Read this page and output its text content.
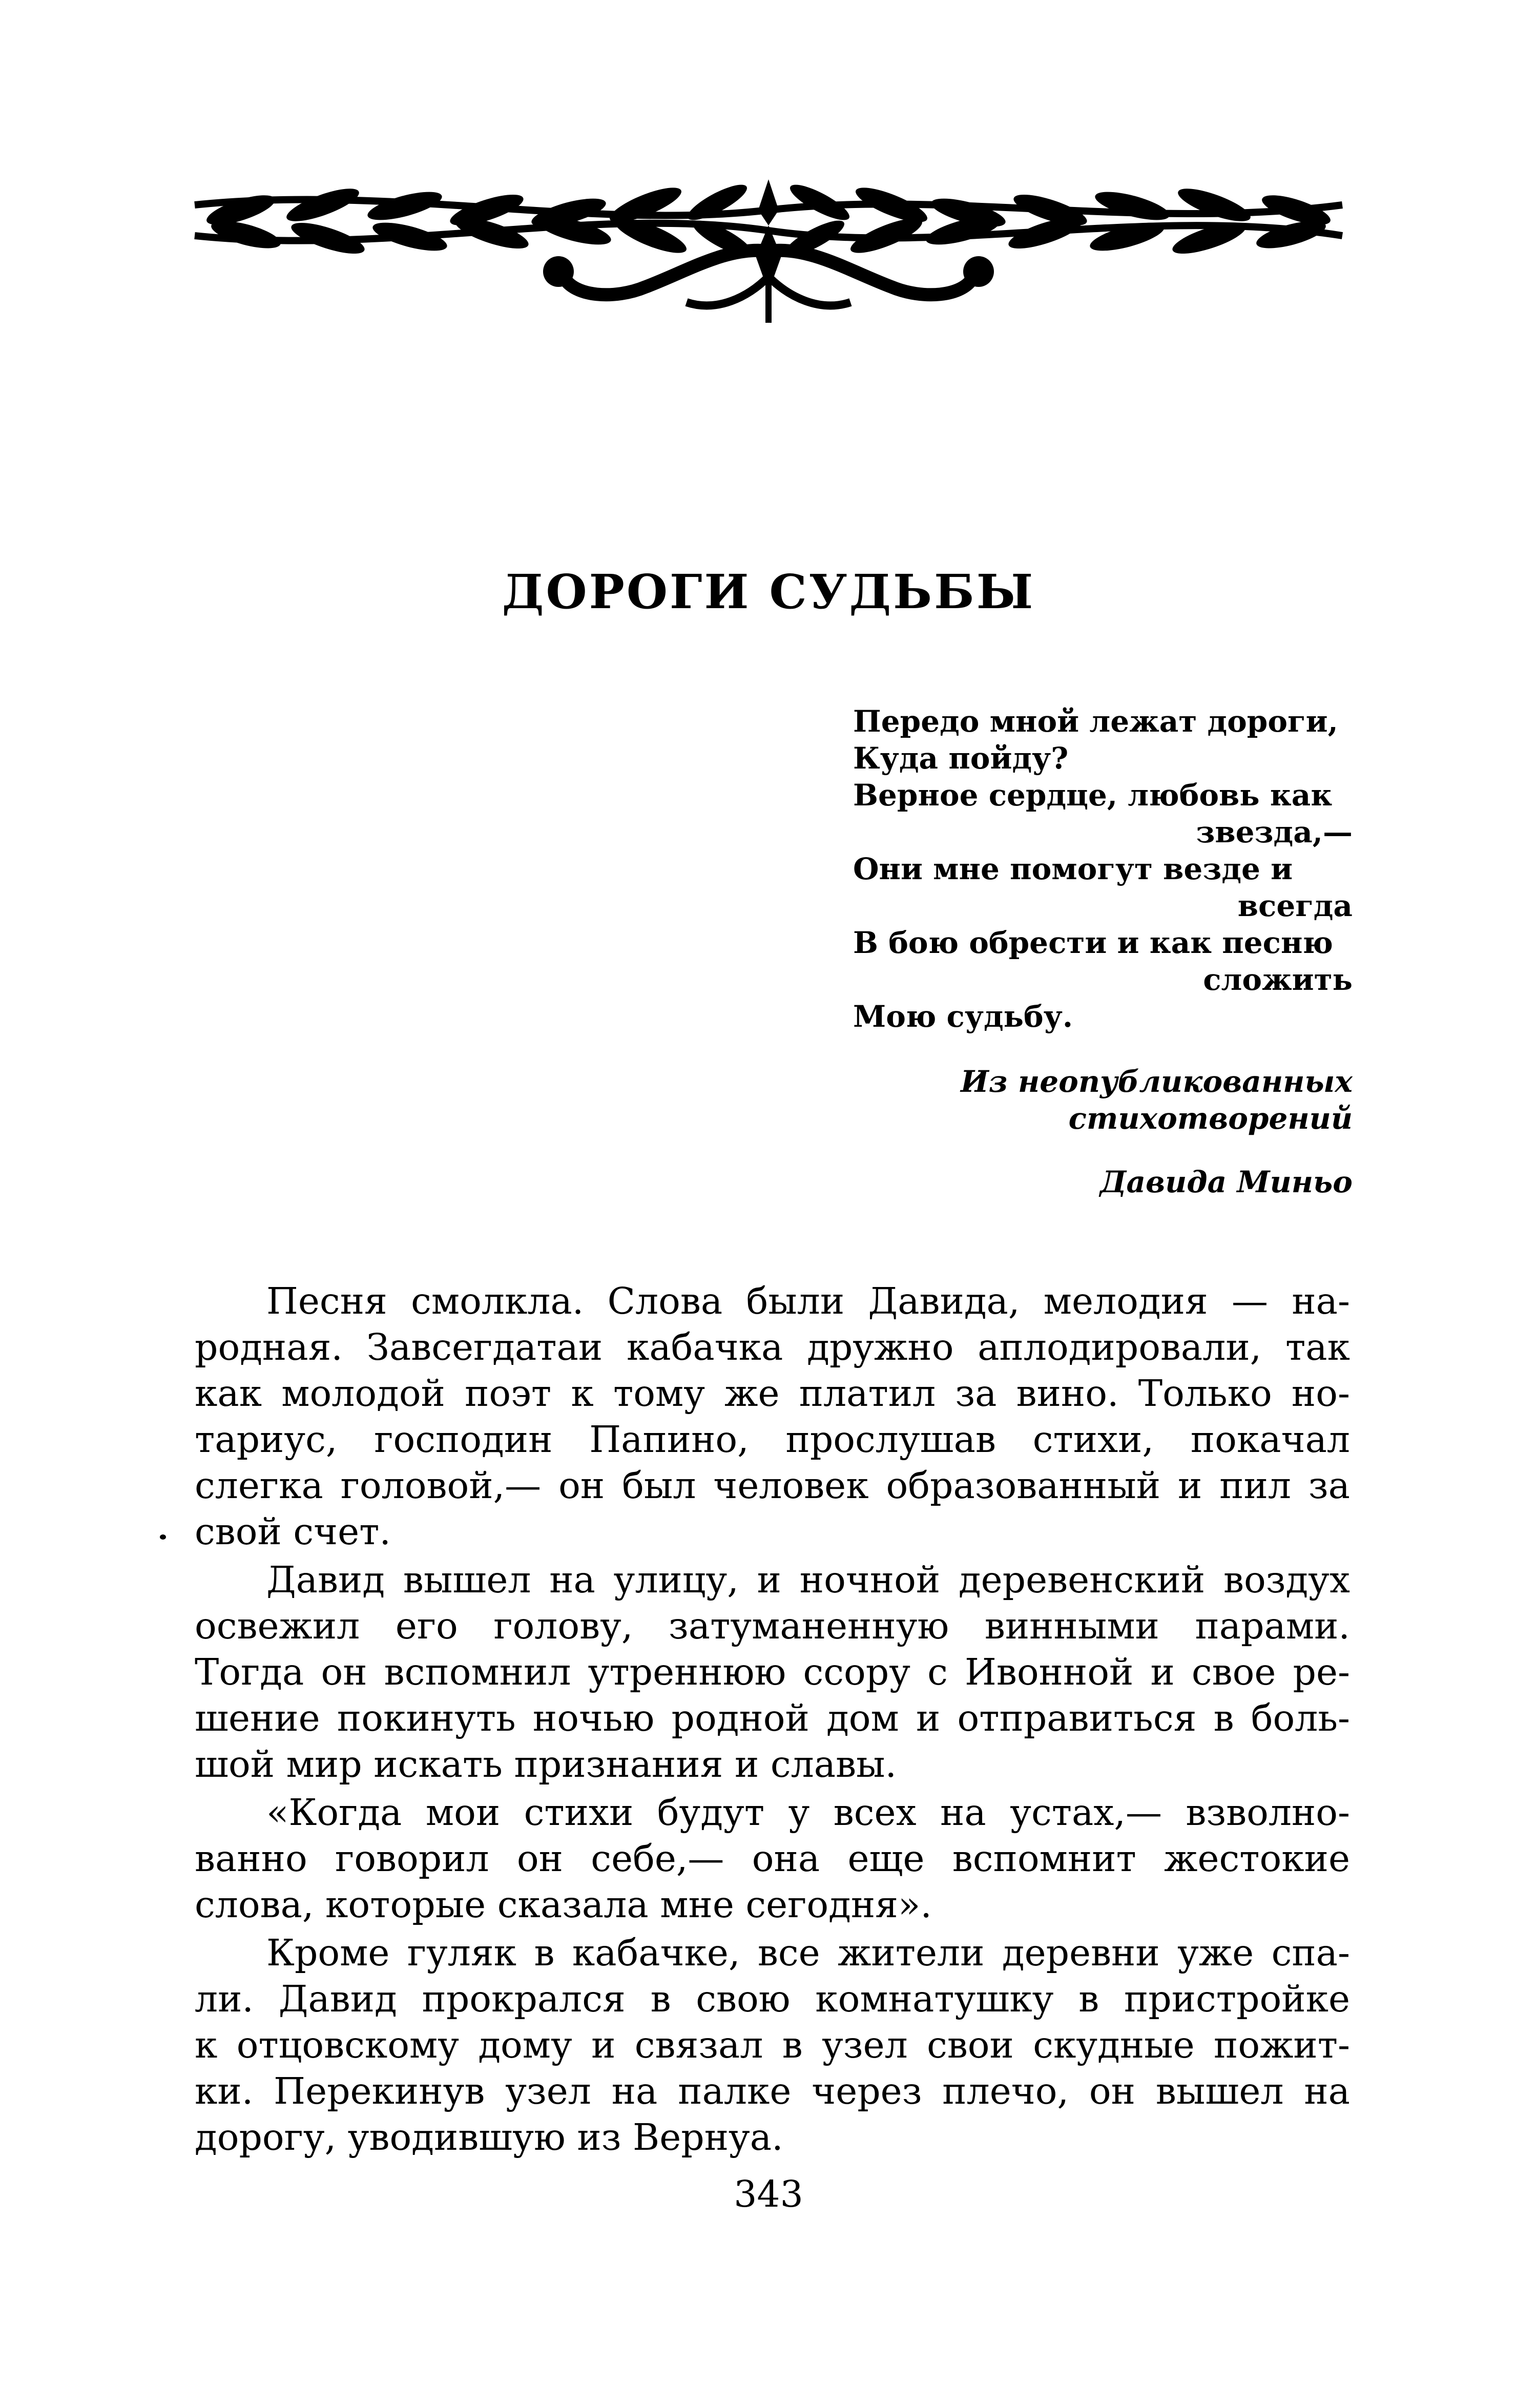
ДОРОГИ СУДЬБЫ
Передо мной лежат дороги,
Куда пойду?
Верное сердце, любовь как
звезда,—
Они мне помогут везде и
всегда
В бою обрести и как песню
сложить
Мою судьбу.
Из неопубликованных
стихотворений
Давида Миньо
Песня смолкла. Слова были Давида, мелодия — на-
родная. Завсегдатаи кабачка дружно аплодировали, так
как молодой поэт к тому же платил за вино. Только но-
тариус, господин Папино, прослушав стихи, покачал
слегка головой,— он был человек образованный и пил за
свой счет.
Давид вышел на улицу, и ночной деревенский воздух
освежил его голову, затуманенную винными парами.
Тогда он вспомнил утреннюю ссору с Ивонной и свое ре-
шение покинуть ночью родной дом и отправиться в боль-
шой мир искать признания и славы.
«Когда мои стихи будут у всех на устах,— взволно-
ванно говорил он себе,— она еще вспомнит жестокие
слова, которые сказала мне сегодня».
Кроме гуляк в кабачке, все жители деревни уже спа-
ли. Давид прокрался в свою комнатушку в пристройке
к отцовскому дому и связал в узел свои скудные пожит-
ки. Перекинув узел на палке через плечо, он вышел на
дорогу, уводившую из Вернуа.
343
